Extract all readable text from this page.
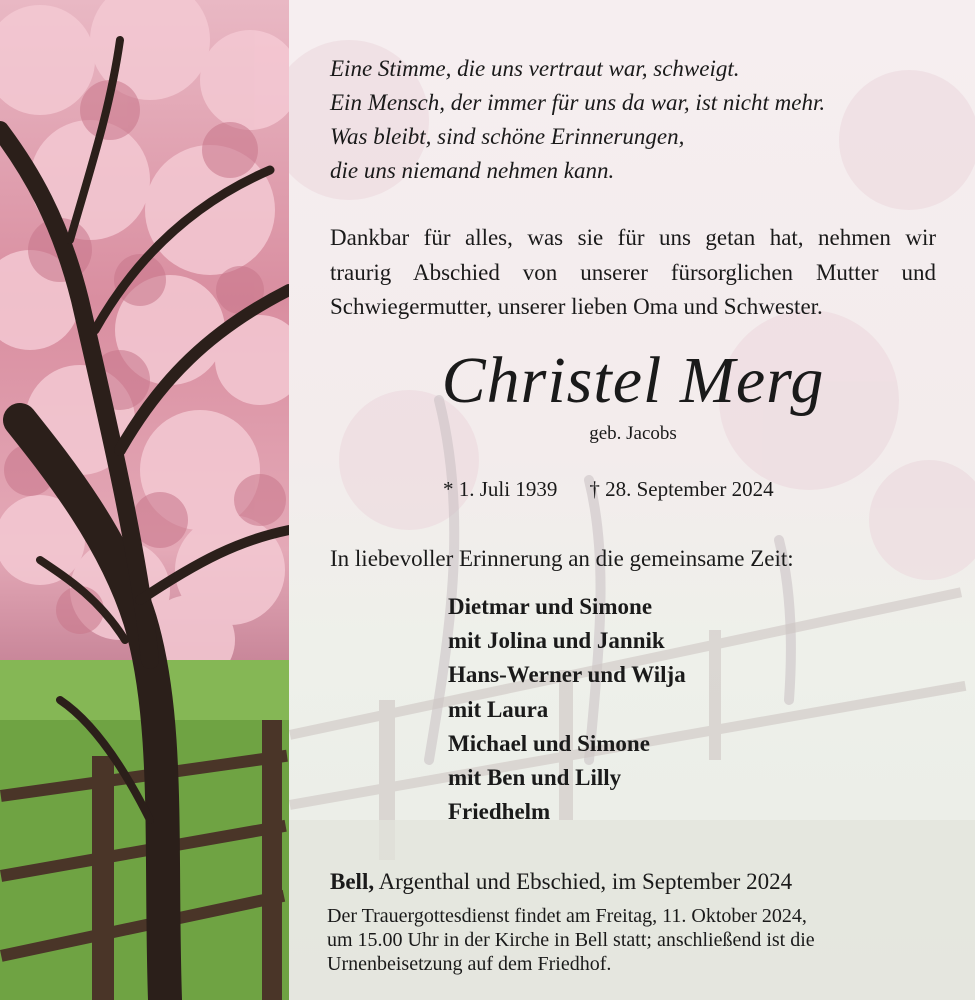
Eine Stimme, die uns vertraut war, schweigt.
Ein Mensch, der immer für uns da war, ist nicht mehr.
Was bleibt, sind schöne Erinnerungen,
die uns niemand nehmen kann.
Dankbar für alles, was sie für uns getan hat, nehmen wir
traurig Abschied von unserer fürsorglichen Mutter und
Schwiegermutter, unserer lieben Oma und Schwester.
Christel Merg
geb. Jacobs
* 1. Juli 1939 † 28. September 2024
In liebevoller Erinnerung an die gemeinsame Zeit:
Dietmar und Simone
mit Jolina und Jannik
Hans-Werner und Wilja
mit Laura
Michael und Simone
mit Ben und Lilly
Friedhelm
Bell, Argenthal und Ebschied, im September 2024
Der Trauergottesdienst findet am Freitag, 11. Oktober 2024,
um 15.00 Uhr in der Kirche in Bell statt; anschließend ist die
Urnenbeisetzung auf dem Friedhof.
